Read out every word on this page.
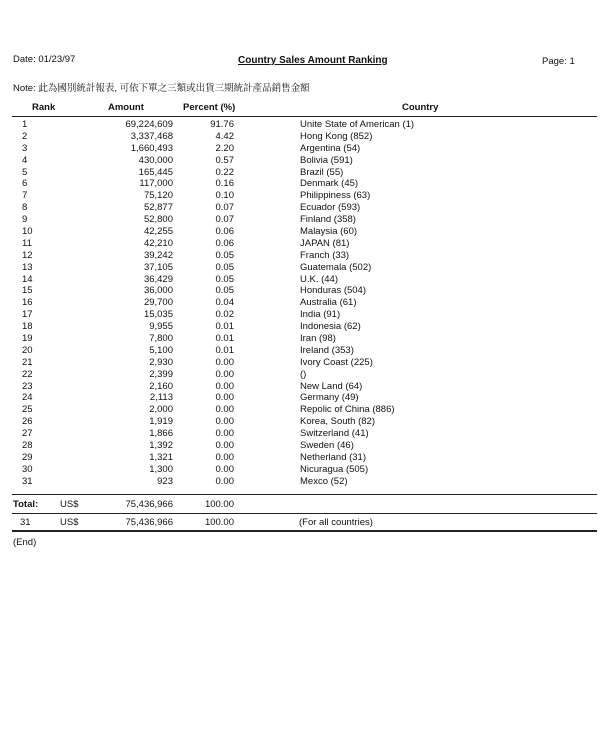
Date: 01/23/97	Country Sales Amount Ranking	Page: 1
Note: 此為國別統計報表, 可依下單之三類或出貨三期統計產品銷售金額
Rank	Amount	Percent (%)	Country
1	69,224,609	91.76	Unite State of American (1)
2	3,337,468	4.42	Hong Kong (852)
3	1,660,493	2.20	Argentina (54)
4	430,000	0.57	Bolivia (591)
5	165,445	0.22	Brazil (55)
6	117,000	0.16	Denmark (45)
7	75,120	0.10	Philippiness (63)
8	52,877	0.07	Ecuador (593)
9	52,800	0.07	Finland (358)
10	42,255	0.06	Malaysia (60)
11	42,210	0.06	JAPAN (81)
12	39,242	0.05	Franch (33)
13	37,105	0.05	Guatemala (502)
14	36,429	0.05	U.K. (44)
15	36,000	0.05	Honduras (504)
16	29,700	0.04	Australia (61)
17	15,035	0.02	India (91)
18	9,955	0.01	Indonesia (62)
19	7,800	0.01	Iran (98)
20	5,100	0.01	Ireland (353)
21	2,930	0.00	Ivory Coast (225)
22	2,399	0.00	()
23	2,160	0.00	New Land (64)
24	2,113	0.00	Germany (49)
25	2,000	0.00	Repolic of China (886)
26	1,919	0.00	Korea, South (82)
27	1,866	0.00	Switzerland (41)
28	1,392	0.00	Sweden (46)
29	1,321	0.00	Netherland (31)
30	1,300	0.00	Nicuragua (505)
31	923	0.00	Mexco (52)
Total: US$	75,436,966	100.00
31	US$	75,436,966	100.00	(For all countries)
(End)
